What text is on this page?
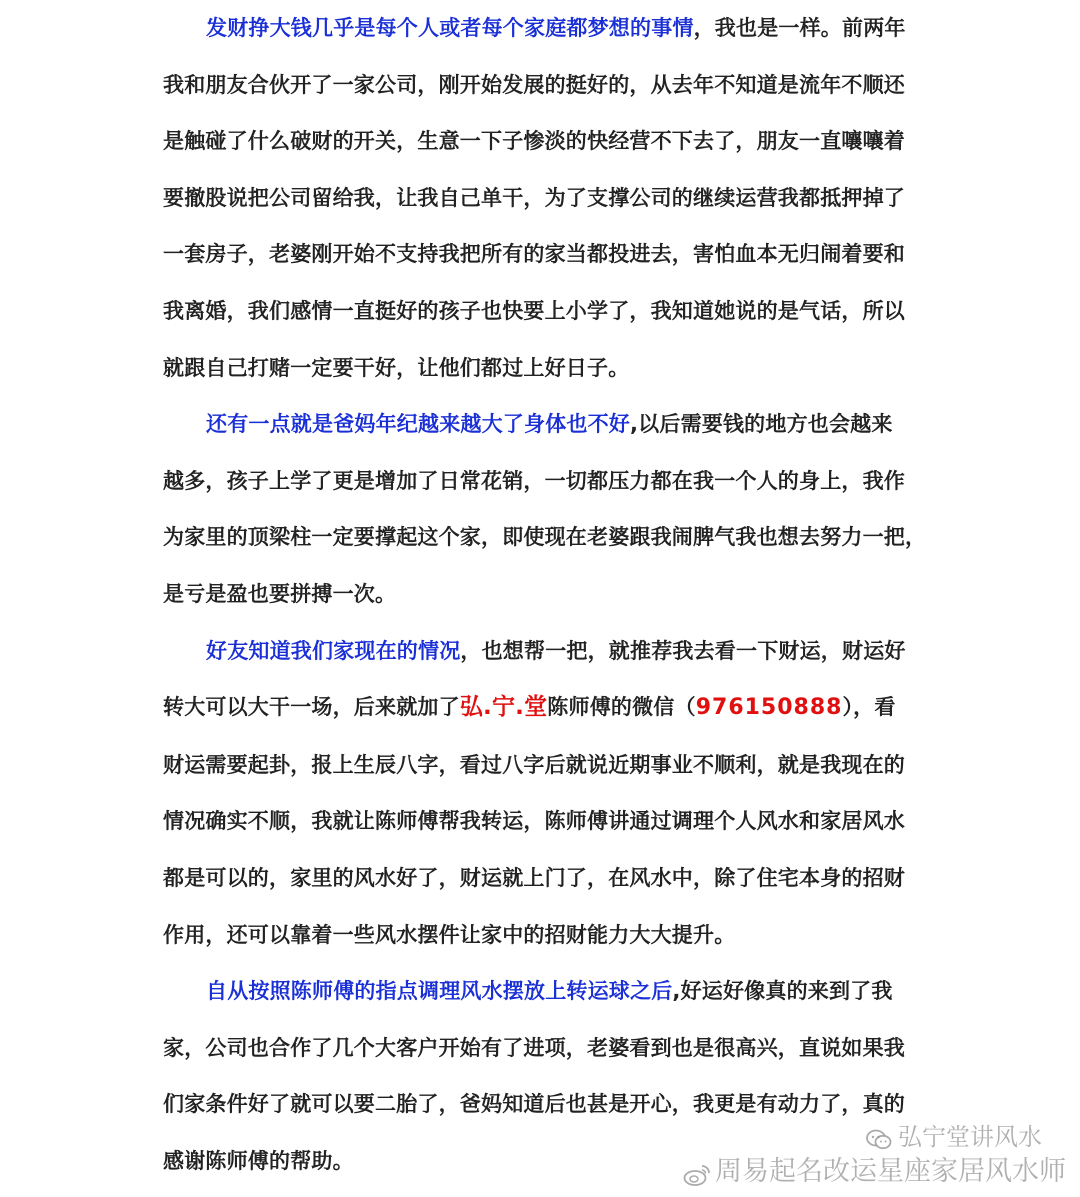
发财挣大钱几乎是每个人或者每个家庭都梦想的事情，我也是一样。前两年
我和朋友合伙开了一家公司，刚开始发展的挺好的，从去年不知道是流年不顺还
是触碰了什么破财的开关，生意一下子惨淡的快经营不下去了，朋友一直嚷嚷着
要撤股说把公司留给我，让我自己单干，为了支撑公司的继续运营我都抵押掉了
一套房子，老婆刚开始不支持我把所有的家当都投进去，害怕血本无归闹着要和
我离婚，我们感情一直挺好的孩子也快要上小学了，我知道她说的是气话，所以
就跟自己打赌一定要干好，让他们都过上好日子。

还有一点就是爸妈年纪越来越大了身体也不好,以后需要钱的地方也会越来
越多，孩子上学了更是增加了日常花销，一切都压力都在我一个人的身上，我作
为家里的顶梁柱一定要撑起这个家，即使现在老婆跟我闹脾气我也想去努力一把，
是亏是盈也要拼搏一次。

好友知道我们家现在的情况，也想帮一把，就推荐我去看一下财运，财运好
转大可以大干一场，后来就加了弘.宁.堂陈师傅的微信（976150888），看
财运需要起卦，报上生辰八字，看过八字后就说近期事业不顺利，就是我现在的
情况确实不顺，我就让陈师傅帮我转运，陈师傅讲通过调理个人风水和家居风水
都是可以的，家里的风水好了，财运就上门了，在风水中，除了住宅本身的招财
作用，还可以靠着一些风水摆件让家中的招财能力大大提升。

自从按照陈师傅的指点调理风水摆放上转运球之后,好运好像真的来到了我
家，公司也合作了几个大客户开始有了进项，老婆看到也是很高兴，直说如果我
们家条件好了就可以要二胎了，爸妈知道后也甚是开心，我更是有动力了，真的
感谢陈师傅的帮助。

弘宁堂讲风水
周易起名改运星座家居风水师
